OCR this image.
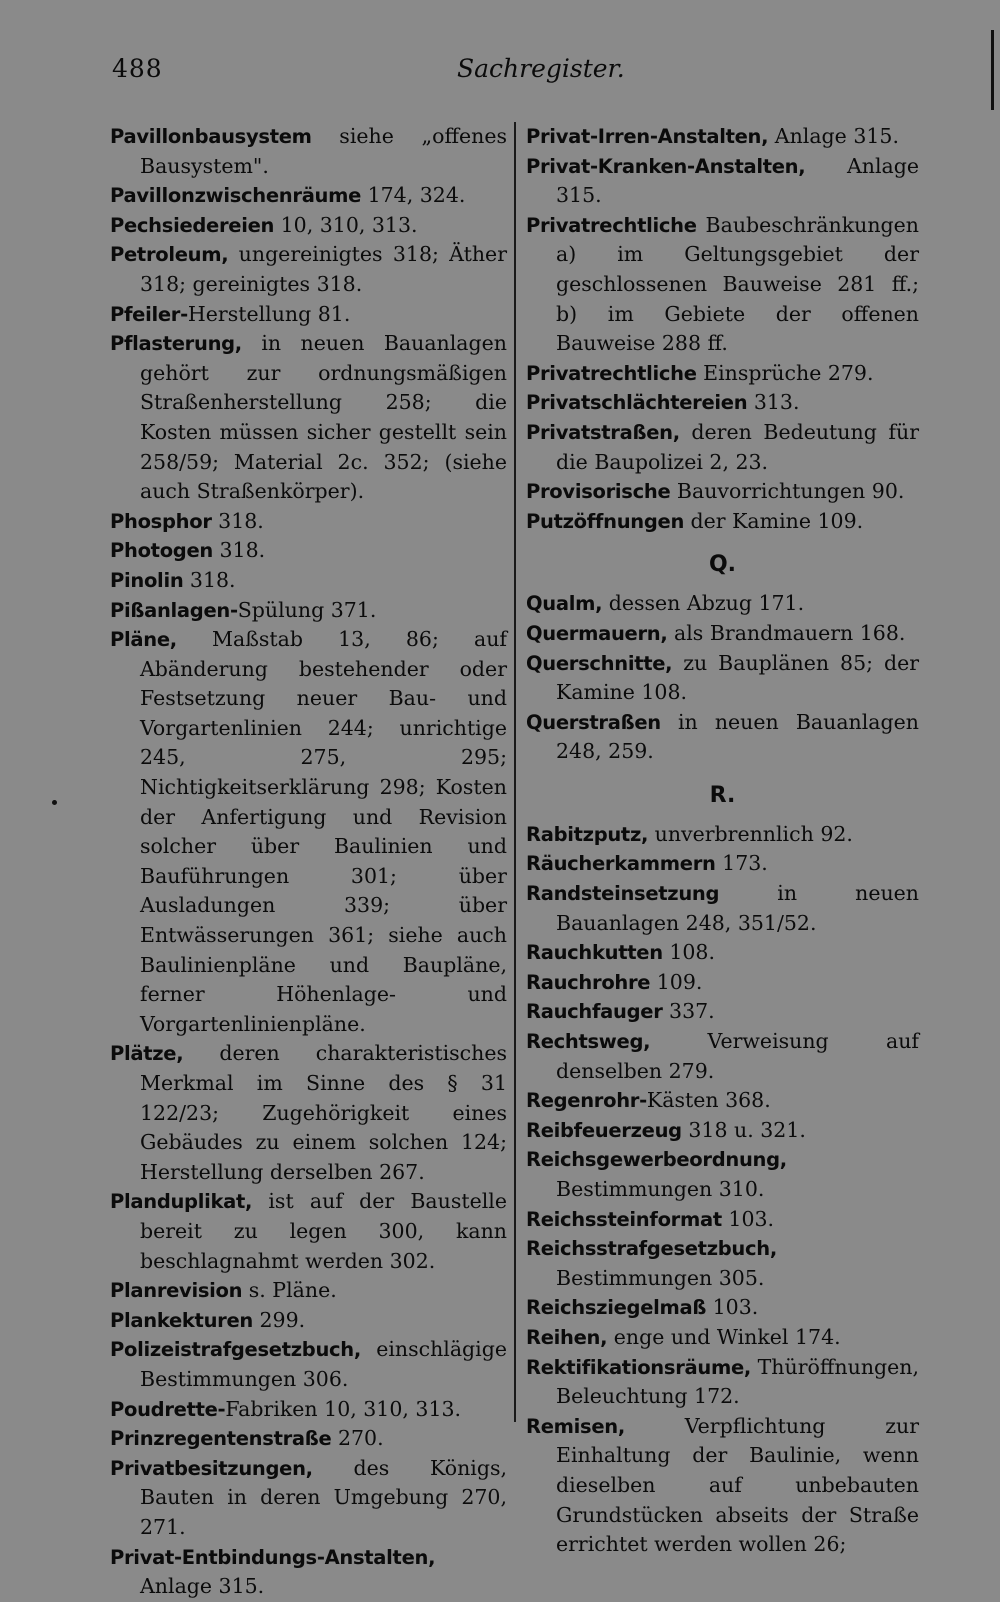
488	Sachregister.

Pavillonbausystem siehe „offenes Bausystem".

Pavillonzwischenräume 174, 324.

Pechsiedereien 10, 310, 313.

Petroleum, ungereinigtes 318; Äther 318; gereinigtes 318.

Pfeiler-Herstellung 81.

Pflasterung, in neuen Bauanlagen gehört zur ordnungsmäßigen Straßenherstellung 258; die Kosten müssen sicher gestellt sein 258/59; Material 2c. 352; (siehe auch Straßenkörper).

Phosphor 318.

Photogen 318.

Pinolin 318.

Pißanlagen-Spülung 371.

Pläne, Maßstab 13, 86; auf Abänderung bestehender oder Festsetzung neuer Bau- und Vorgartenlinien 244; unrichtige 245, 275, 295; Nichtigkeitserklärung 298; Kosten der Anfertigung und Revision solcher über Baulinien und Bauführungen 301; über Ausladungen 339; über Entwässerungen 361; siehe auch Baulinienpläne und Baupläne, ferner Höhenlage- und Vorgartenlinienpläne.

Plätze, deren charakteristisches Merkmal im Sinne des § 31 122/23; Zugehörigkeit eines Gebäudes zu einem solchen 124; Herstellung derselben 267.

Planduplikat, ist auf der Baustelle bereit zu legen 300, kann beschlagnahmt werden 302.

Planrevision s. Pläne.

Plankekturen 299.

Polizeistrafgesetzbuch, einschlägige Bestimmungen 306.

Poudrette-Fabriken 10, 310, 313.

Prinzregentenstraße 270.

Privatbesitzungen, des Königs, Bauten in deren Umgebung 270, 271.

Privat-Entbindungs-Anstalten, Anlage 315.

Privat-Irren-Anstalten, Anlage 315.

Privat-Kranken-Anstalten, Anlage 315.

Privatrechtliche Baubeschränkungen a) im Geltungsgebiet der geschlossenen Bauweise 281 ff.; b) im Gebiete der offenen Bauweise 288 ff.

Privatrechtliche Einsprüche 279.

Privatschlächtereien 313.

Privatstraßen, deren Bedeutung für die Baupolizei 2, 23.

Provisorische Bauvorrichtungen 90.

Putzöffnungen der Kamine 109.

Q.

Qualm, dessen Abzug 171.

Quermauern, als Brandmauern 168.

Querschnitte, zu Bauplänen 85; der Kamine 108.

Querstraßen in neuen Bauanlagen 248, 259.

R.

Rabitzputz, unverbrennlich 92.

Räucherkammern 173.

Randsteinsetzung in neuen Bauanlagen 248, 351/52.

Rauchkutten 108.

Rauchrohre 109.

Rauchfauger 337.

Rechtsweg, Verweisung auf denselben 279.

Regenrohr-Kästen 368.

Reibfeuerzeug 318 u. 321.

Reichsgewerbeordnung, Bestimmungen 310.

Reichssteinformat 103.

Reichsstrafgesetzbuch, Bestimmungen 305.

Reichsziegelmaß 103.

Reihen, enge und Winkel 174.

Rektifikationsräume, Thüröffnungen, Beleuchtung 172.

Remisen, Verpflichtung zur Einhaltung der Baulinie, wenn dieselben auf unbebauten Grundstücken abseits der Straße errichtet werden wollen 26;
